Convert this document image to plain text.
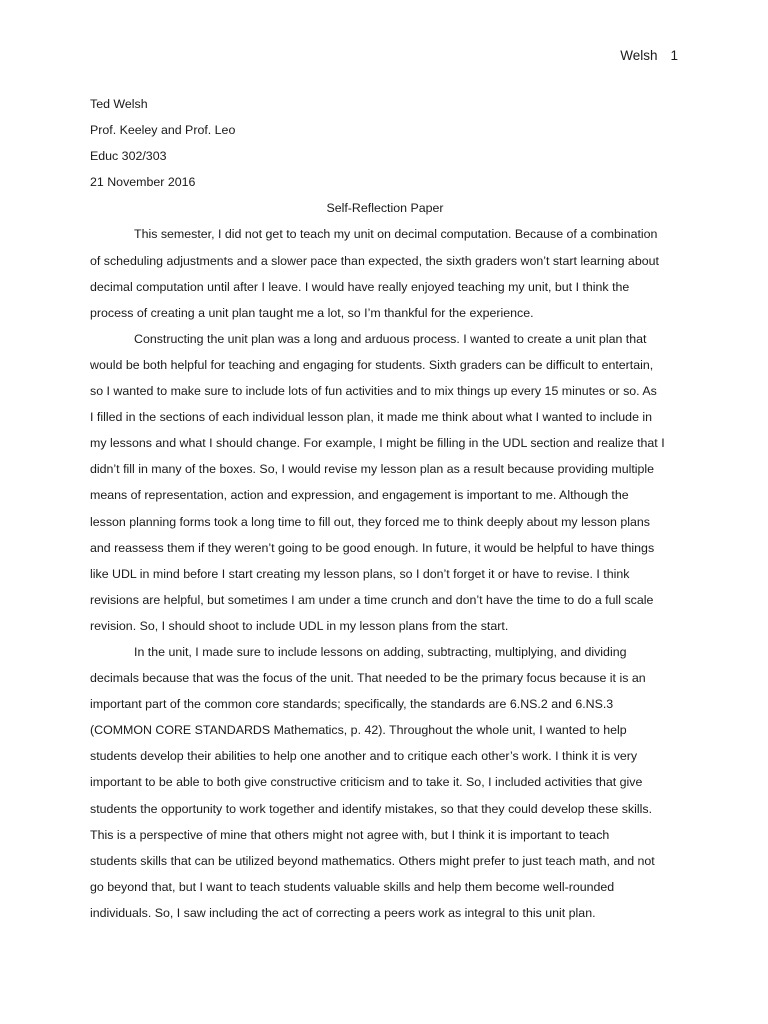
Welsh 1
Ted Welsh
Prof. Keeley and Prof. Leo
Educ 302/303
21 November 2016
Self-Reflection Paper
This semester, I did not get to teach my unit on decimal computation. Because of a combination
of scheduling adjustments and a slower pace than expected, the sixth graders won’t start learning about
decimal computation until after I leave. I would have really enjoyed teaching my unit, but I think the
process of creating a unit plan taught me a lot, so I’m thankful for the experience.
Constructing the unit plan was a long and arduous process. I wanted to create a unit plan that
would be both helpful for teaching and engaging for students. Sixth graders can be difficult to entertain,
so I wanted to make sure to include lots of fun activities and to mix things up every 15 minutes or so. As
I filled in the sections of each individual lesson plan, it made me think about what I wanted to include in
my lessons and what I should change. For example, I might be filling in the UDL section and realize that I
didn’t fill in many of the boxes. So, I would revise my lesson plan as a result because providing multiple
means of representation, action and expression, and engagement is important to me. Although the
lesson planning forms took a long time to fill out, they forced me to think deeply about my lesson plans
and reassess them if they weren’t going to be good enough. In future, it would be helpful to have things
like UDL in mind before I start creating my lesson plans, so I don’t forget it or have to revise. I think
revisions are helpful, but sometimes I am under a time crunch and don’t have the time to do a full scale
revision. So, I should shoot to include UDL in my lesson plans from the start.
In the unit, I made sure to include lessons on adding, subtracting, multiplying, and dividing
decimals because that was the focus of the unit. That needed to be the primary focus because it is an
important part of the common core standards; specifically, the standards are 6.NS.2 and 6.NS.3
(COMMON CORE STANDARDS Mathematics, p. 42). Throughout the whole unit, I wanted to help
students develop their abilities to help one another and to critique each other’s work. I think it is very
important to be able to both give constructive criticism and to take it. So, I included activities that give
students the opportunity to work together and identify mistakes, so that they could develop these skills.
This is a perspective of mine that others might not agree with, but I think it is important to teach
students skills that can be utilized beyond mathematics. Others might prefer to just teach math, and not
go beyond that, but I want to teach students valuable skills and help them become well-rounded
individuals. So, I saw including the act of correcting a peers work as integral to this unit plan.
